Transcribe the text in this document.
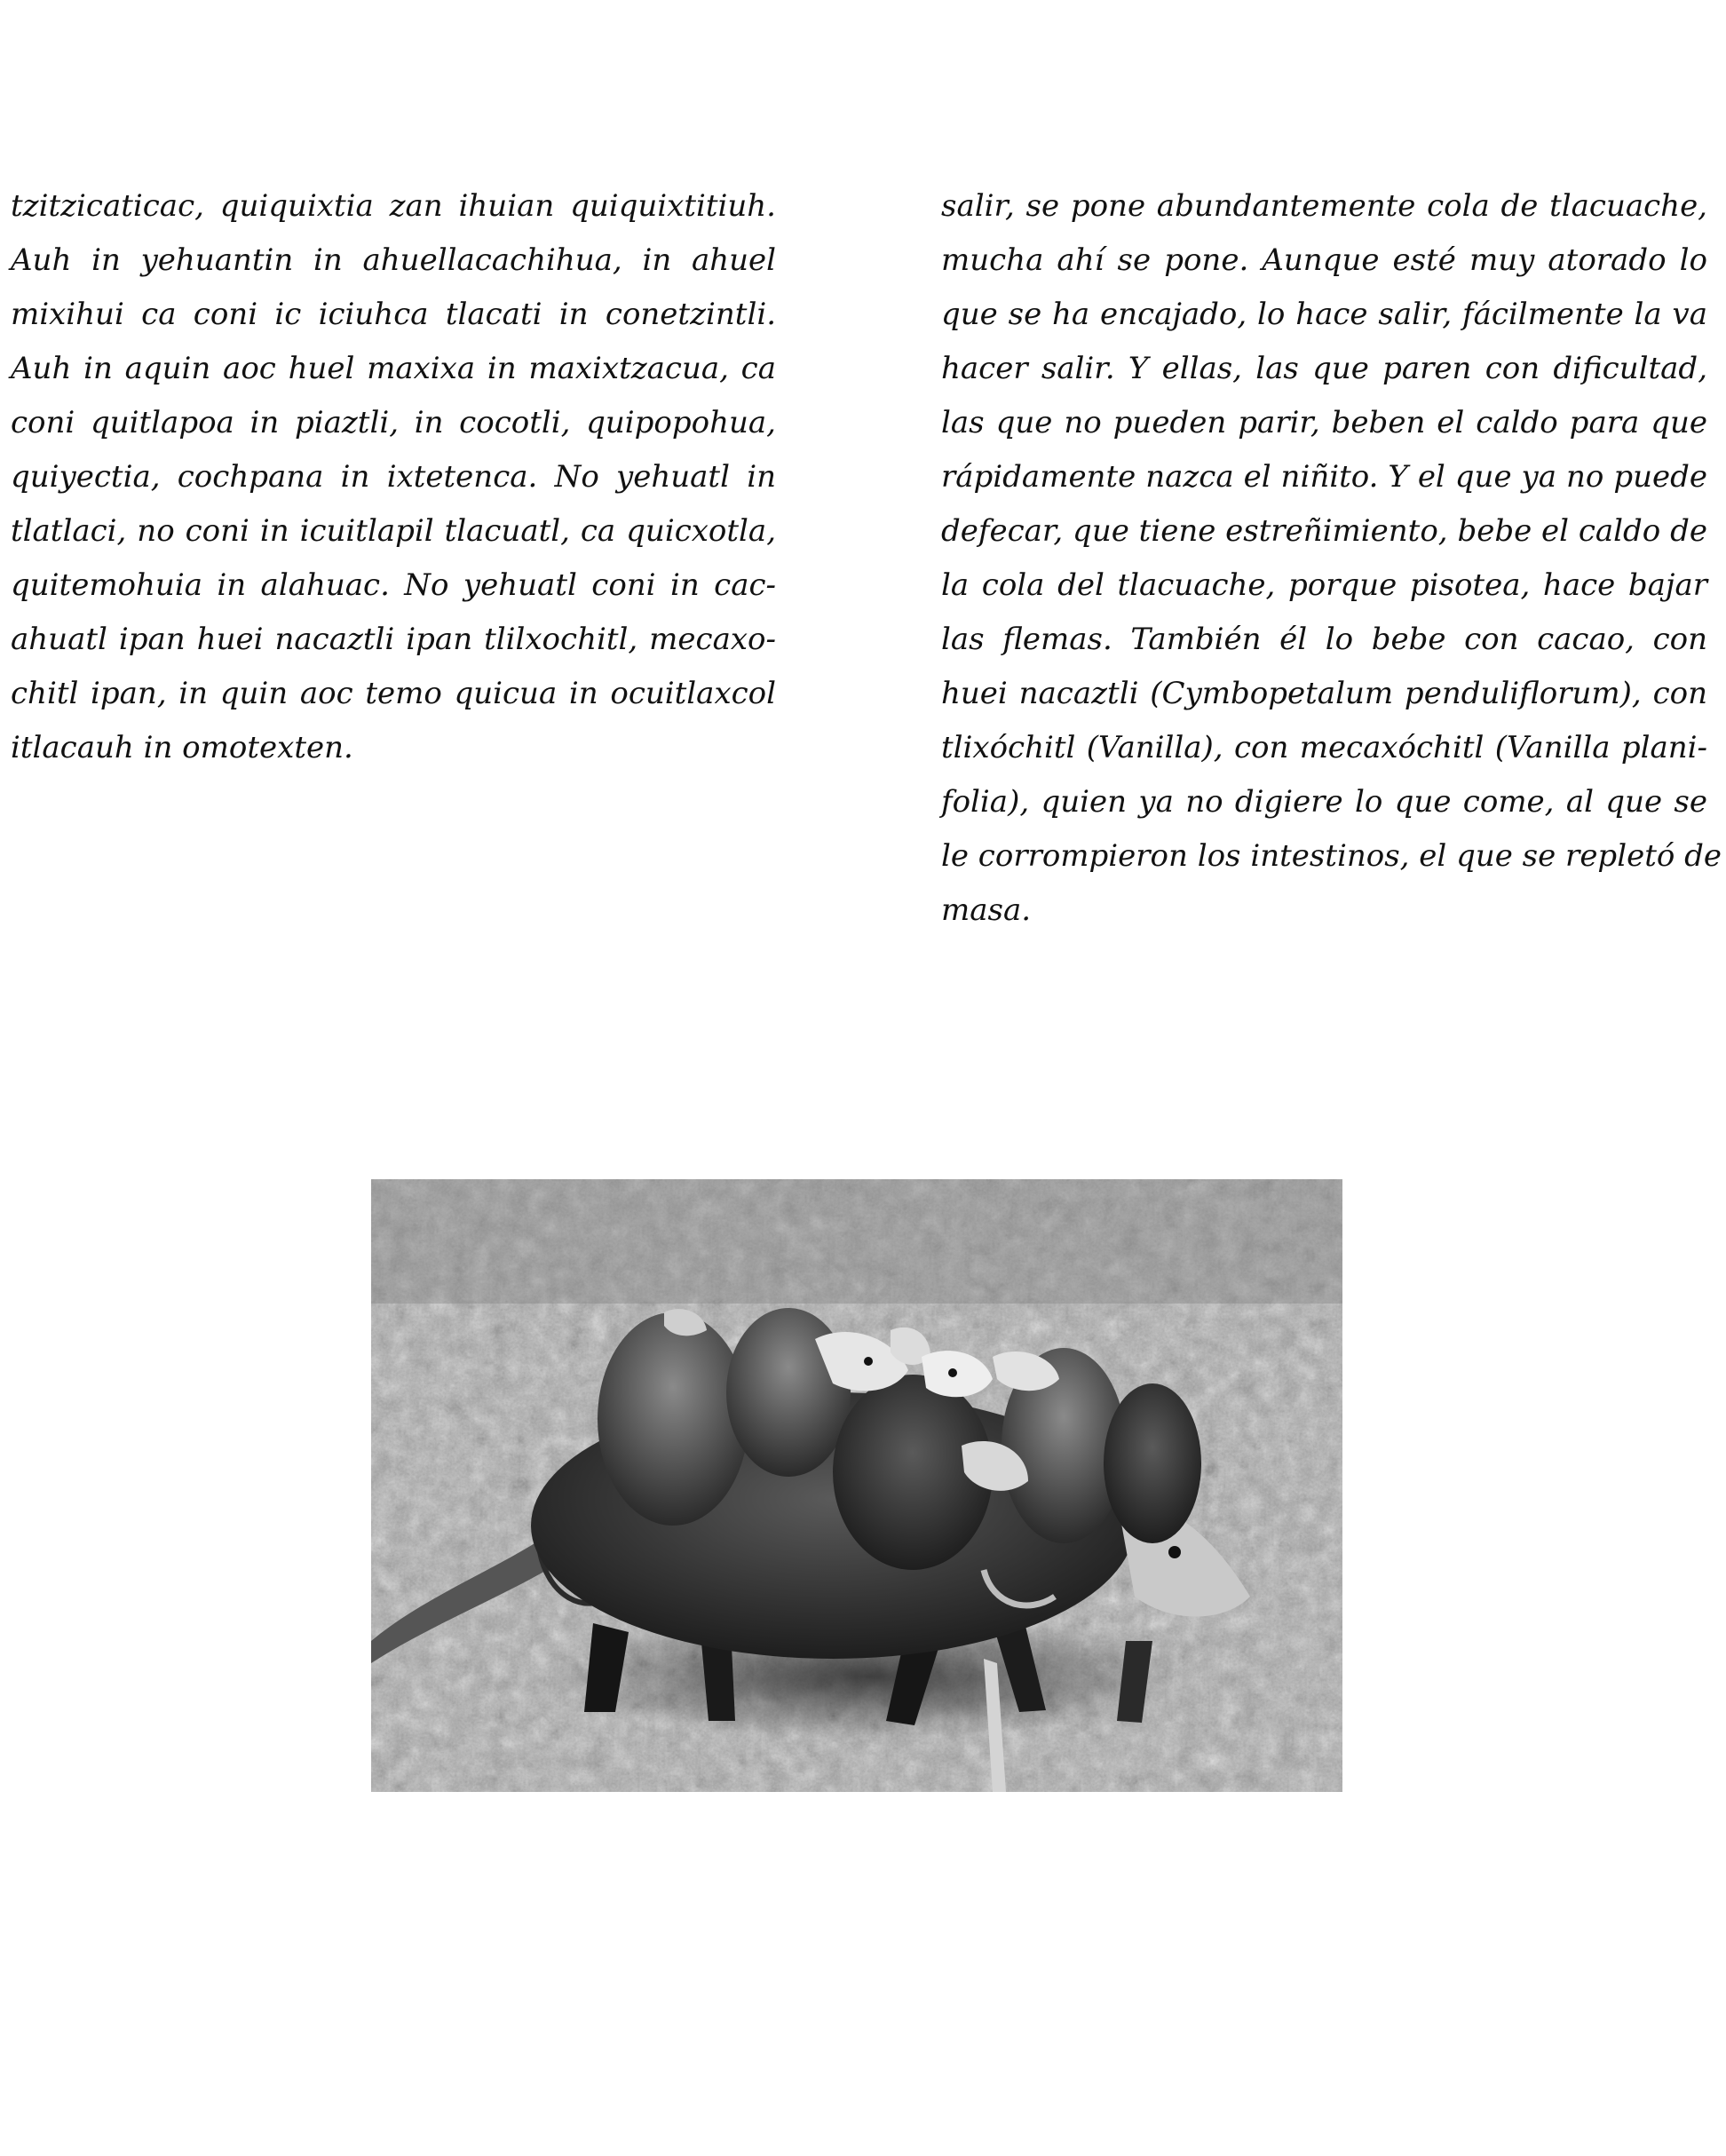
tzitzicaticac, quiquixtia zan ihuian quiquixtitiuh.
Auh in yehuantin in ahuellacachihua, in ahuel
mixihui ca coni ic iciuhca tlacati in conetzintli.
Auh in aquin aoc huel maxixa in maxixtzacua, ca
coni quitlapoa in piaztli, in cocotli, quipopohua,
quiyectia, cochpana in ixtetenca. No yehuatl in
tlatlaci, no coni in icuitlapil tlacuatl, ca quicxotla,
quitemohuia in alahuac. No yehuatl coni in cac-
ahuatl ipan huei nacaztli ipan tlilxochitl, mecaxo-
chitl ipan, in quin aoc temo quicua in ocuitlaxcol
itlacauh in omotexten.
salir, se pone abundantemente cola de tlacuache,
mucha ahí se pone. Aunque esté muy atorado lo
que se ha encajado, lo hace salir, fácilmente la va
hacer salir. Y ellas, las que paren con dificultad,
las que no pueden parir, beben el caldo para que
rápidamente nazca el niñito. Y el que ya no puede
defecar, que tiene estreñimiento, bebe el caldo de
la cola del tlacuache, porque pisotea, hace bajar
las flemas. También él lo bebe con cacao, con
huei nacaztli (Cymbopetalum penduliflorum), con
tlixóchitl (Vanilla), con mecaxóchitl (Vanilla plani-
folia), quien ya no digiere lo que come, al que se
le corrompieron los intestinos, el que se repletó de
masa.
